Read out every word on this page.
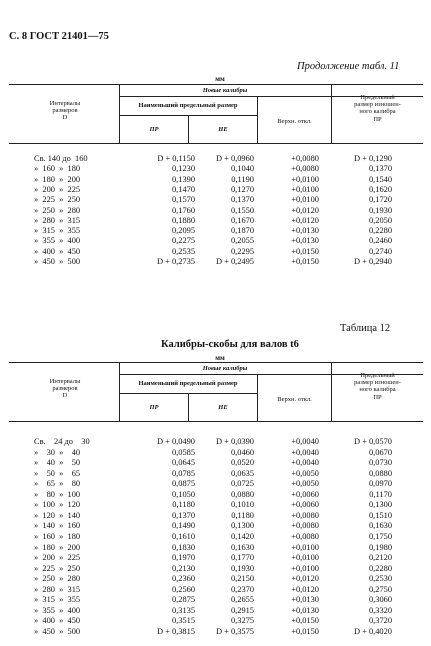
С. 8 ГОСТ 21401—75
Продолжение табл. 11
мм
Интервалы
размеров
D
Новые калибры
Наименьший предельный размер
ПР	НЕ
Верхн. откл.
Предельный
размер изношен-
ного калибра
ПР
Св. 140 до  160	D + 0,1150	D + 0,0960	+0,0080	D + 0,1290
»  160  »  180	0,1230	0,1040	+0,0080	0,1370
»  180  »  200	0,1390	0,1190	+0,0100	0,1540
»  200  »  225	0,1470	0,1270	+0,0100	0,1620
»  225  »  250	0,1570	0,1370	+0,0100	0,1720
»  250  »  280	0,1760	0,1550	+0,0120	0,1930
»  280  »  315	0,1880	0,1670	+0,0120	0,2050
»  315  »  355	0,2095	0,1870	+0,0130	0,2280
»  355  »  400	0,2275	0,2055	+0,0130	0,2460
»  400  »  450	0,2535	0,2295	+0,0150	0,2740
»  450  »  500	D + 0,2735	D + 0,2495	+0,0150	D + 0,2940
Таблица 12
Калибры-скобы для валов t6
мм
Интервалы
размеров
D
Новые калибры
Наименьший предельный размер
ПР	НЕ
Верхн. откл.
Предельный
размер изношен-
ного калибра
ПР
Св.    24 до    30	D + 0,0490	D + 0,0390	+0,0040	D + 0,0570
»    30  »    40	0,0585	0,0460	+0,0040	0,0670
»    40  »    50	0,0645	0,0520	+0,0040	0,0730
»    50  »    65	0,0785	0,0635	+0,0050	0,0880
»    65  »    80	0,0875	0,0725	+0,0050	0,0970
»    80  »  100	0,1050	0,0880	+0,0060	0,1170
»  100  »  120	0,1180	0,1010	+0,0060	0,1300
»  120  »  140	0,1370	0,1180	+0,0080	0,1510
»  140  »  160	0,1490	0,1300	+0,0080	0,1630
»  160  »  180	0,1610	0,1420	+0,0080	0,1750
»  180  »  200	0,1830	0,1630	+0,0100	0,1980
»  200  »  225	0,1970	0,1770	+0,0100	0,2120
»  225  »  250	0,2130	0,1930	+0,0100	0,2280
»  250  »  280	0,2360	0,2150	+0,0120	0,2530
»  280  »  315	0,2560	0,2370	+0,0120	0,2750
»  315  »  355	0,2875	0,2655	+0,0130	0,3060
»  355  »  400	0,3135	0,2915	+0,0130	0,3320
»  400  »  450	0,3515	0,3275	+0,0150	0,3720
»  450  »  500	D + 0,3815	D + 0,3575	+0,0150	D + 0,4020
